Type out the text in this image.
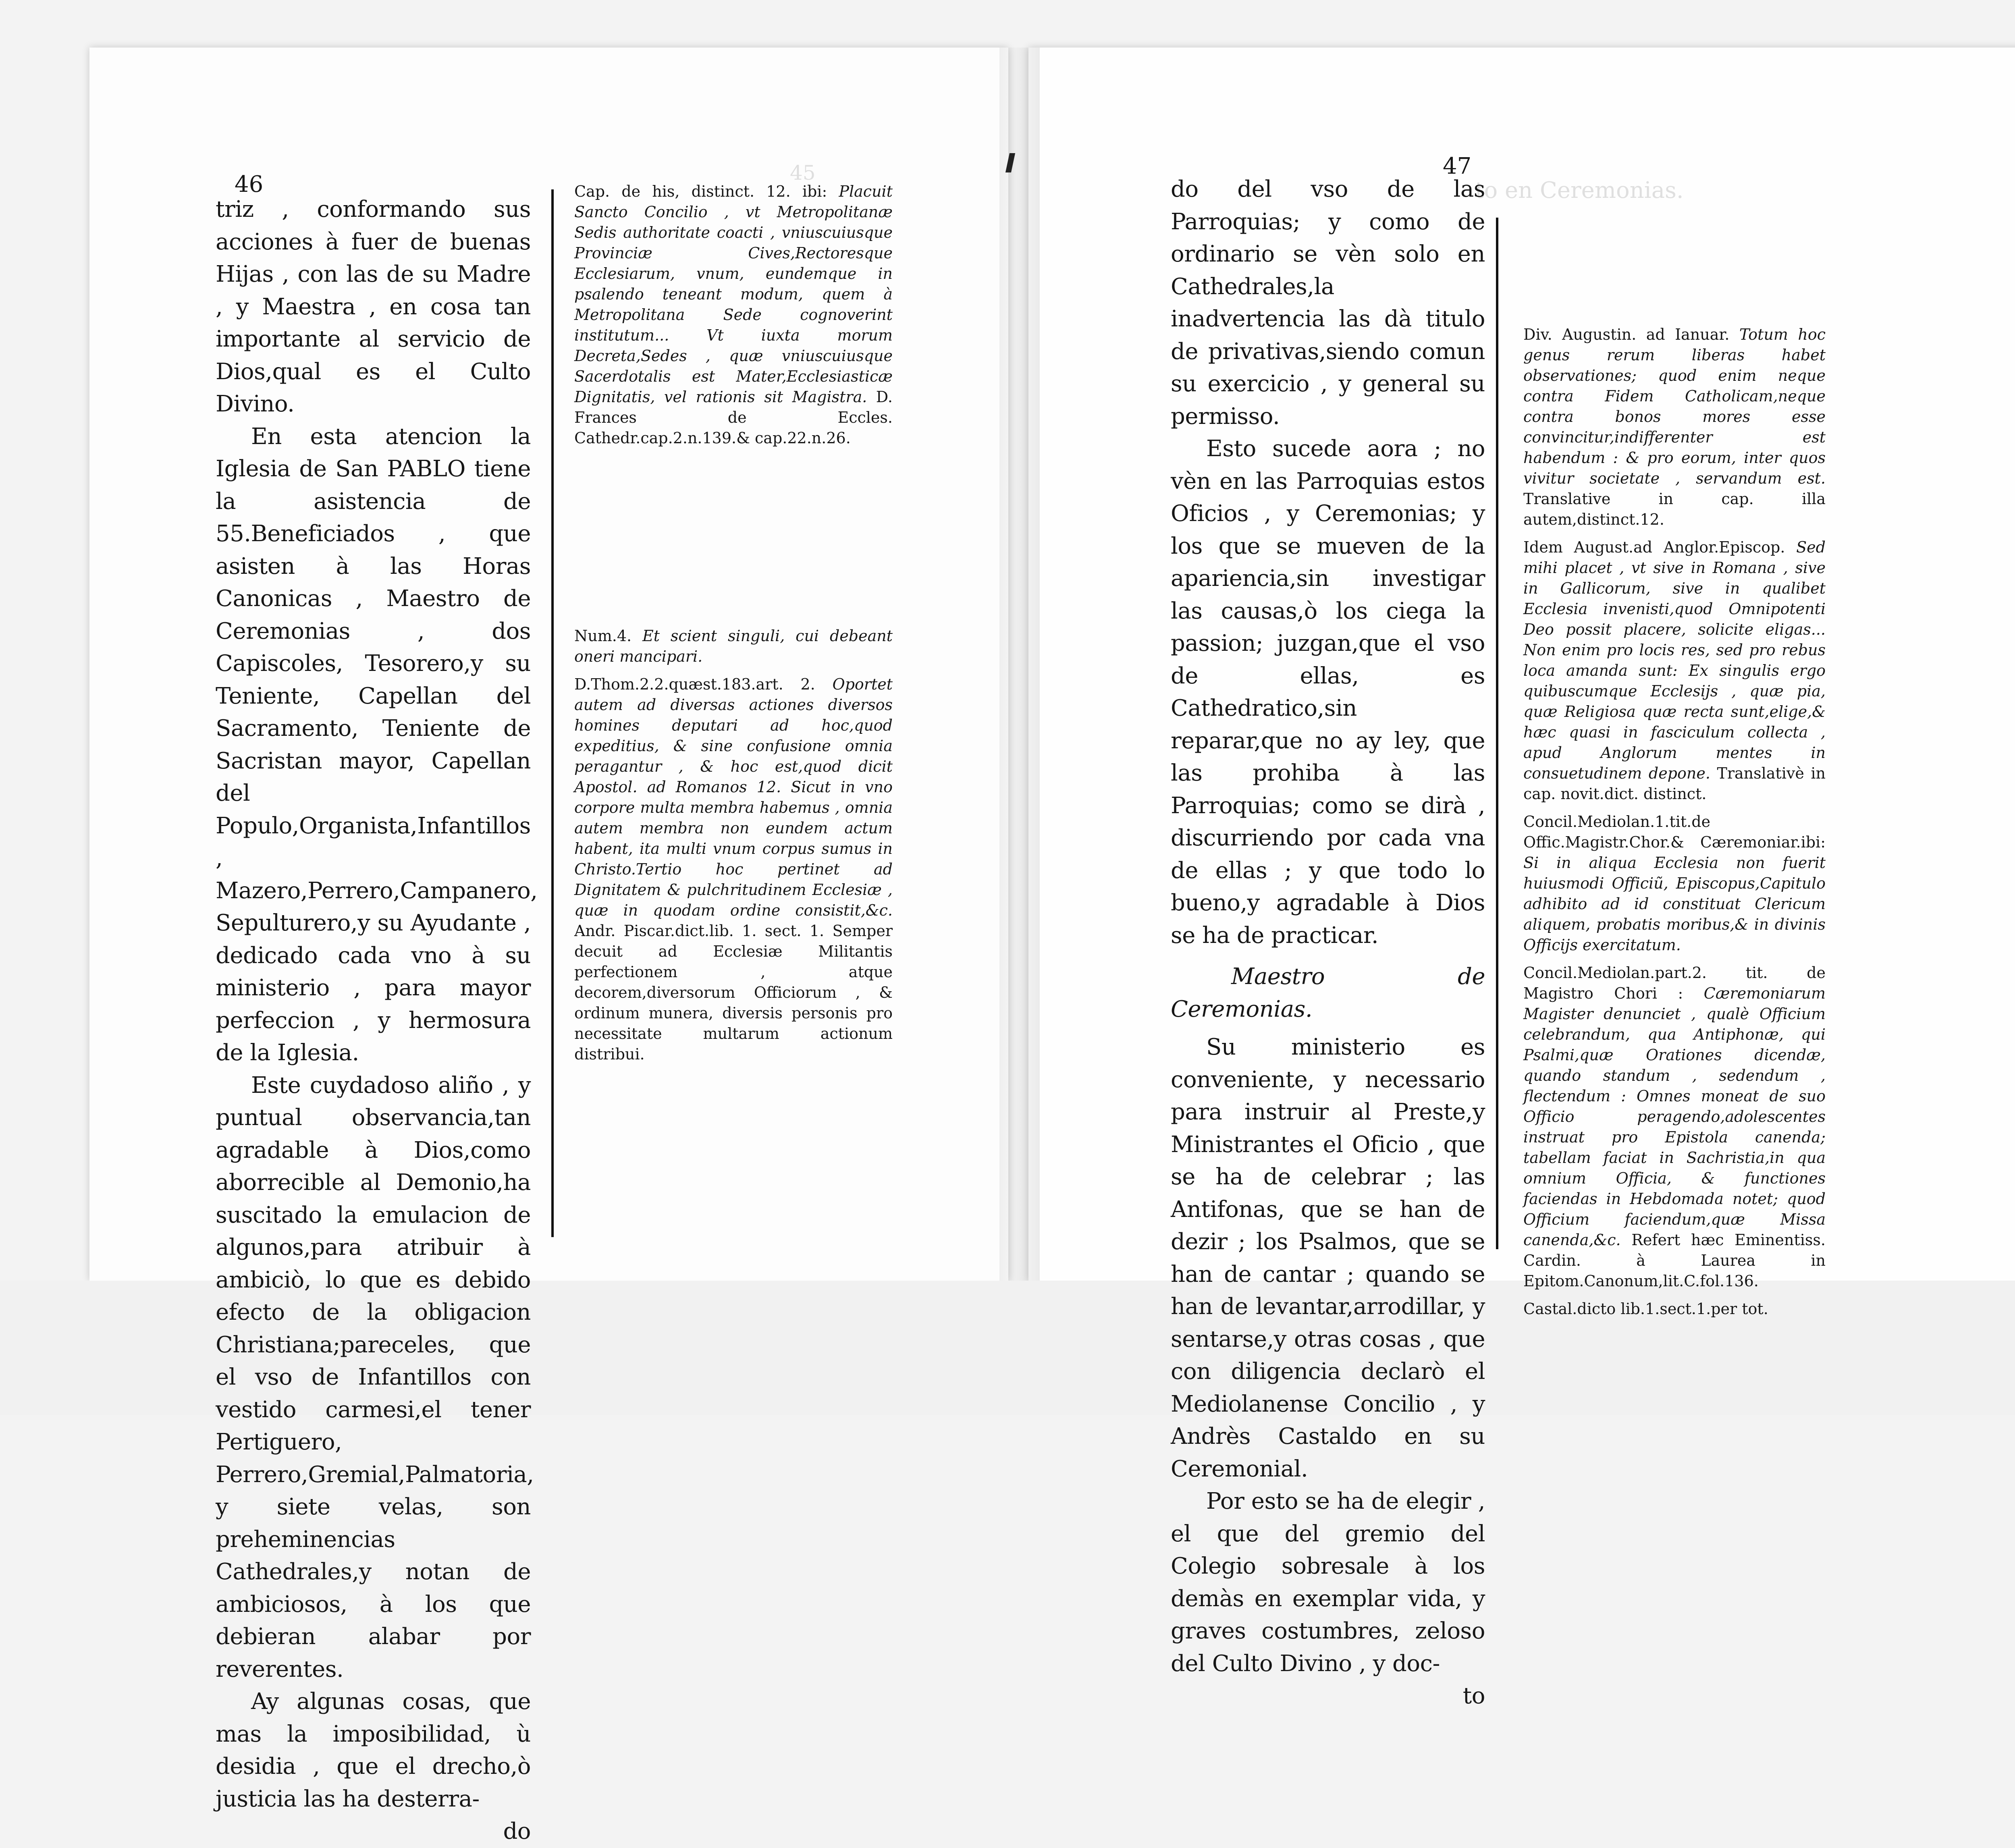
to en Ceremonias.
45
46

triz , conformando sus acciones à fuer de buenas Hijas , con las de su Madre , y Maestra , en cosa tan importante al servicio de Dios,qual es el Culto Divino.

En esta atencion la Iglesia de San PABLO tiene la asistencia de 55.Beneficiados , que asisten à las Horas Canonicas , Maestro de Ceremonias , dos Capiscoles, Tesorero,y su Teniente, Capellan del Sacramento, Teniente de Sacristan mayor, Capellan del Populo,Organista,Infantillos , Mazero,Perrero,Campanero, Sepulturero,y su Ayudante , dedicado cada vno à su ministerio , para mayor perfeccion , y hermosura de la Iglesia.

Este cuydadoso aliño , y puntual observancia,tan agradable à Dios,como aborrecible al Demonio,ha suscitado la emulacion de algunos,para atribuir à ambiciò, lo que es debido efecto de la obligacion Christiana;pareceles, que el vso de Infantillos con vestido carmesi,el tener Pertiguero, Perrero,Gremial,Palmatoria, y siete velas, son preheminencias Cathedrales,y notan de ambiciosos, à los que debieran alabar por reverentes.

Ay algunas cosas, que mas la imposibilidad, ù desidia , que el drecho,ò justicia las ha desterra-

do

Cap. de his, distinct. 12. ibi: Placuit Sancto Concilio , vt Metropolitanæ Sedis authoritate coacti , vniuscuiusque Provinciæ Cives,Rectoresque Ecclesiarum, vnum, eundemque in psalendo teneant modum, quem à Metropolitana Sede cognoverint institutum... Vt iuxta morum Decreta,Sedes , quæ vniuscuiusque Sacerdotalis est Mater,Ecclesiasticæ Dignitatis, vel rationis sit Magistra. D. Frances de Eccles. Cathedr.cap.2.n.139.& cap.22.n.26.
Num.4. Et scient singuli, cui debeant oneri mancipari.
D.Thom.2.2.quæst.183.art. 2. Oportet autem ad diversas actiones diversos homines deputari ad hoc,quod expeditius, & sine confusione omnia peragantur , & hoc est,quod dicit Apostol. ad Romanos 12. Sicut in vno corpore multa membra habemus , omnia autem membra non eundem actum habent, ita multi vnum corpus sumus in Christo.Tertio hoc pertinet ad Dignitatem & pulchritudinem Ecclesiæ , quæ in quodam ordine consistit,&c. Andr. Piscar.dict.lib. 1. sect. 1. Semper decuit ad Ecclesiæ Militantis perfectionem , atque decorem,diversorum Officiorum , & ordinum munera, diversis personis pro necessitate multarum actionum distribui.
47

do del vso de las Parroquias; y como de ordinario se vèn solo en Cathedrales,la inadvertencia las dà titulo de privativas,siendo comun su exercicio , y general su permisso.

Esto sucede aora ; no vèn en las Parroquias estos Oficios , y Ceremonias; y los que se mueven de la apariencia,sin investigar las causas,ò los ciega la passion; juzgan,que el vso de ellas, es Cathedratico,sin reparar,que no ay ley, que las prohiba à las Parroquias; como se dirà , discurriendo por cada vna de ellas ; y que todo lo bueno,y agradable à Dios se ha de practicar.

Maestro de Ceremonias.

Su ministerio es conveniente, y necessario para instruir al Preste,y Ministrantes el Oficio , que se ha de celebrar ; las Antifonas, que se han de dezir ; los Psalmos, que se han de cantar ; quando se han de levantar,arrodillar, y sentarse,y otras cosas , que con diligencia declarò el Mediolanense Concilio , y Andrès Castaldo en su Ceremonial.

Por esto se ha de elegir , el que del gremio del Colegio sobresale à los demàs en exemplar vida, y graves costumbres, zeloso del Culto Divino , y doc-

to

Div. Augustin. ad Ianuar. Totum hoc genus rerum liberas habet observationes; quod enim neque contra Fidem Catholicam,neque contra bonos mores esse convincitur,indifferenter est habendum : & pro eorum, inter quos vivitur societate , servandum est. Translative in cap. illa autem,distinct.12.
Idem August.ad Anglor.Episcop. Sed mihi placet , vt sive in Romana , sive in Gallicorum, sive in qualibet Ecclesia invenisti,quod Omnipotenti Deo possit placere, solicite eligas... Non enim pro locis res, sed pro rebus loca amanda sunt: Ex singulis ergo quibuscumque Ecclesijs , quæ pia, quæ Religiosa quæ recta sunt,elige,& hæc quasi in fasciculum collecta , apud Anglorum mentes in consuetudinem depone. Translativè in cap. novit.dict. distinct.
Concil.Mediolan.1.tit.de Offic.Magistr.Chor.& Cæremoniar.ibi: Si in aliqua Ecclesia non fuerit huiusmodi Officiũ, Episcopus,Capitulo adhibito ad id constituat Clericum aliquem, probatis moribus,& in divinis Officijs exercitatum.
Concil.Mediolan.part.2. tit. de Magistro Chori : Cæremoniarum Magister denunciet , qualè Officium celebrandum, qua Antiphonæ, qui Psalmi,quæ Orationes dicendæ, quando standum , sedendum , flectendum : Omnes moneat de suo Officio peragendo,adolescentes instruat pro Epistola canenda; tabellam faciat in Sachristia,in qua omnium Officia, & functiones faciendas in Hebdomada notet; quod Officium faciendum,quæ Missa canenda,&c. Refert hæc Eminentiss. Cardin. à Laurea in Epitom.Canonum,lit.C.fol.136.
Castal.dicto lib.1.sect.1.per tot.
